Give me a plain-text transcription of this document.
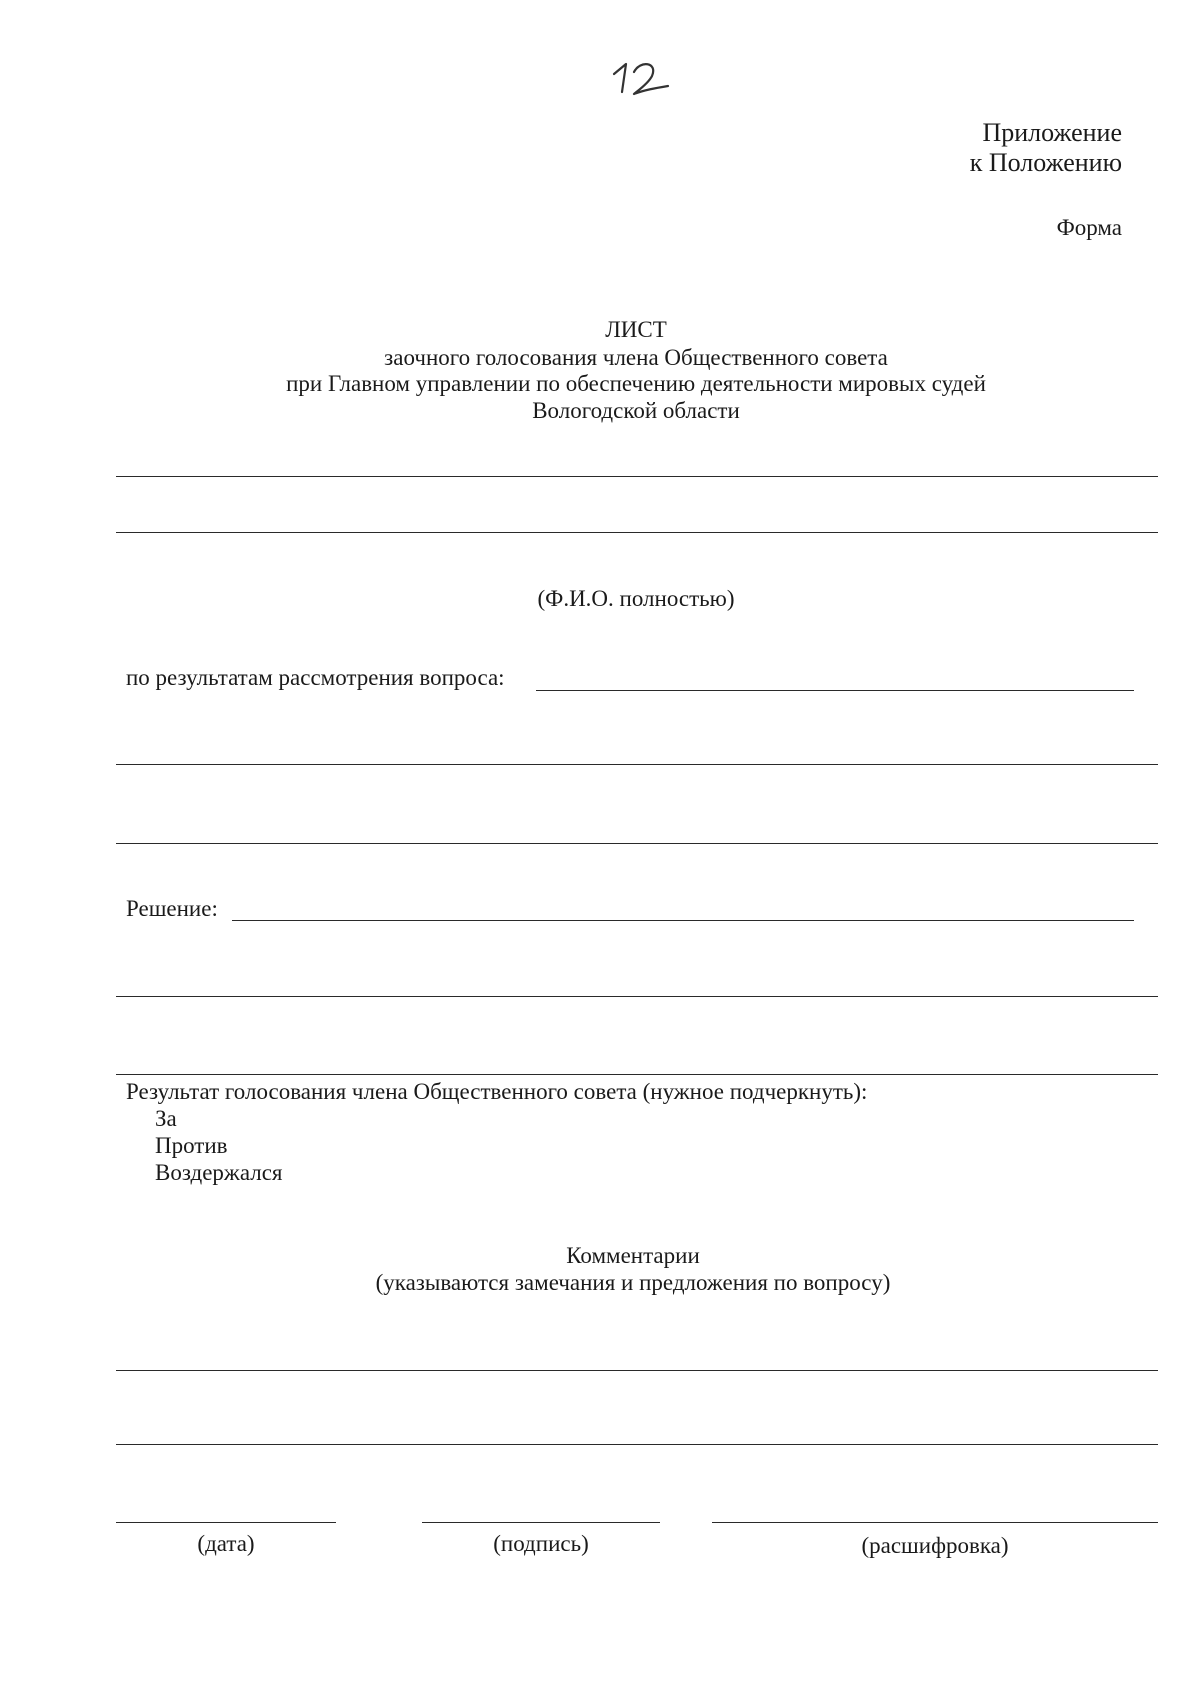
Приложение
к Положению
Форма
ЛИСТ
заочного голосования члена Общественного совета
при Главном управлении по обеспечению деятельности мировых судей
Вологодской области
(Ф.И.О. полностью)
по результатам рассмотрения вопроса:
Решение:
Результат голосования члена Общественного совета (нужное подчеркнуть):
За
Против
Воздержался
Комментарии
(указываются замечания и предложения по вопросу)
(дата)	(подпись)	(расшифровка)
